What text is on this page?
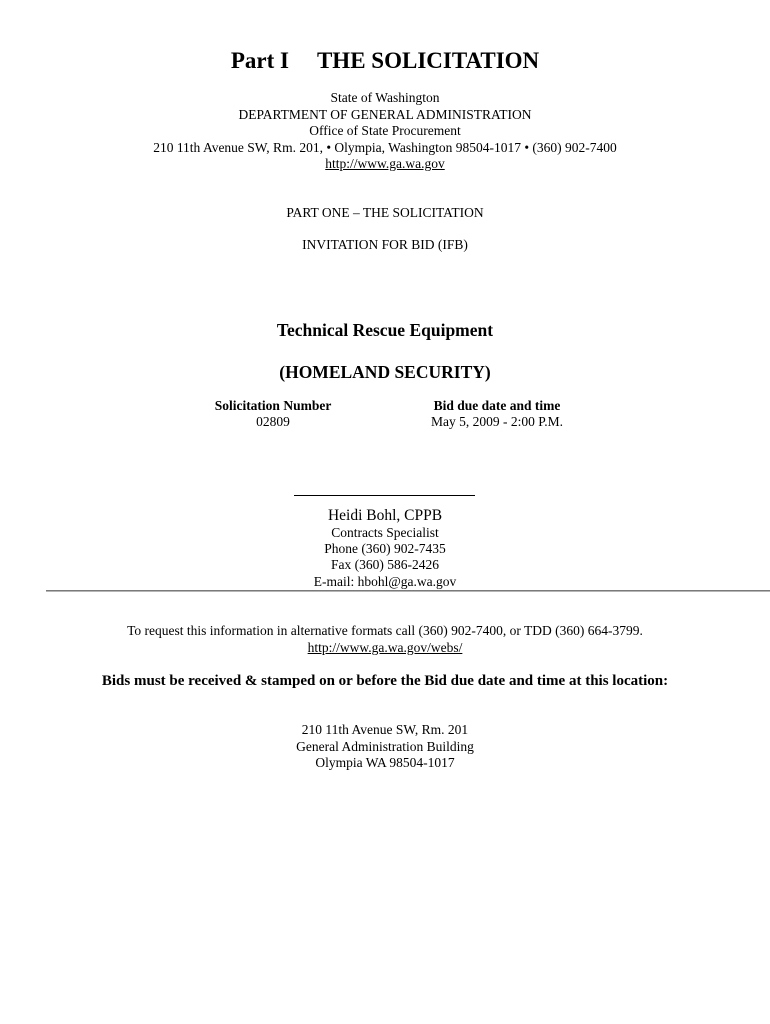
Part I THE SOLICITATION
State of Washington
DEPARTMENT OF GENERAL ADMINISTRATION
Office of State Procurement
210 11th Avenue SW, Rm. 201, • Olympia, Washington 98504-1017 • (360) 902-7400
http://www.ga.wa.gov
PART ONE – THE SOLICITATION
INVITATION FOR BID (IFB)
Technical Rescue Equipment
(HOMELAND SECURITY)
Solicitation Number
02809
Bid due date and time
May 5, 2009 - 2:00 P.M.
Heidi Bohl, CPPB
Contracts Specialist
Phone (360) 902-7435
Fax (360) 586-2426
E-mail: hbohl@ga.wa.gov
To request this information in alternative formats call (360) 902-7400, or TDD (360) 664-3799.
http://www.ga.wa.gov/webs/
Bids must be received & stamped on or before the Bid due date and time at this location:
210 11th Avenue SW, Rm. 201
General Administration Building
Olympia WA 98504-1017
